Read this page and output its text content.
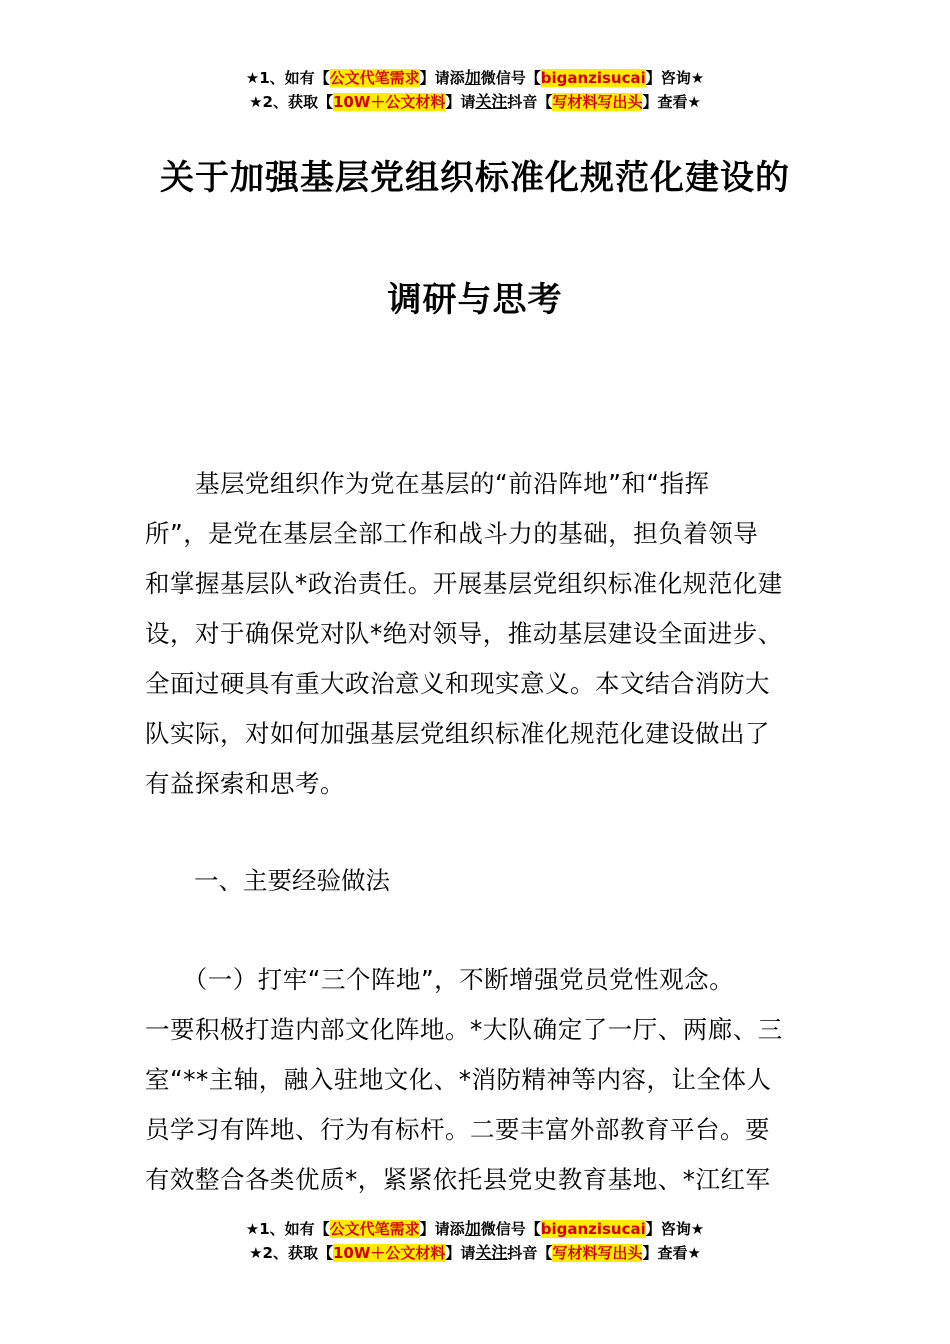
★1、如有【公文代笔需求】请添加微信号【biganzisucai】咨询★
★2、获取【10W＋公文材料】请关注抖音【写材料写出头】查看★
关于加强基层党组织标准化规范化建设的
调研与思考
　　基层党组织作为党在基层的“前沿阵地”和“指挥
所”，是党在基层全部工作和战斗力的基础，担负着领导
和掌握基层队*政治责任。开展基层党组织标准化规范化建
设，对于确保党对队*绝对领导，推动基层建设全面进步、
全面过硬具有重大政治意义和现实意义。本文结合消防大
队实际，对如何加强基层党组织标准化规范化建设做出了
有益探索和思考。
一、主要经验做法
　　（一）打牢“三个阵地”，不断增强党员党性观念。
一要积极打造内部文化阵地。*大队确定了一厅、两廊、三
室“**主轴，融入驻地文化、*消防精神等内容，让全体人
员学习有阵地、行为有标杆。二要丰富外部教育平台。要
有效整合各类优质*，紧紧依托县党史教育基地、*江红军
★1、如有【公文代笔需求】请添加微信号【biganzisucai】咨询★
★2、获取【10W＋公文材料】请关注抖音【写材料写出头】查看★
